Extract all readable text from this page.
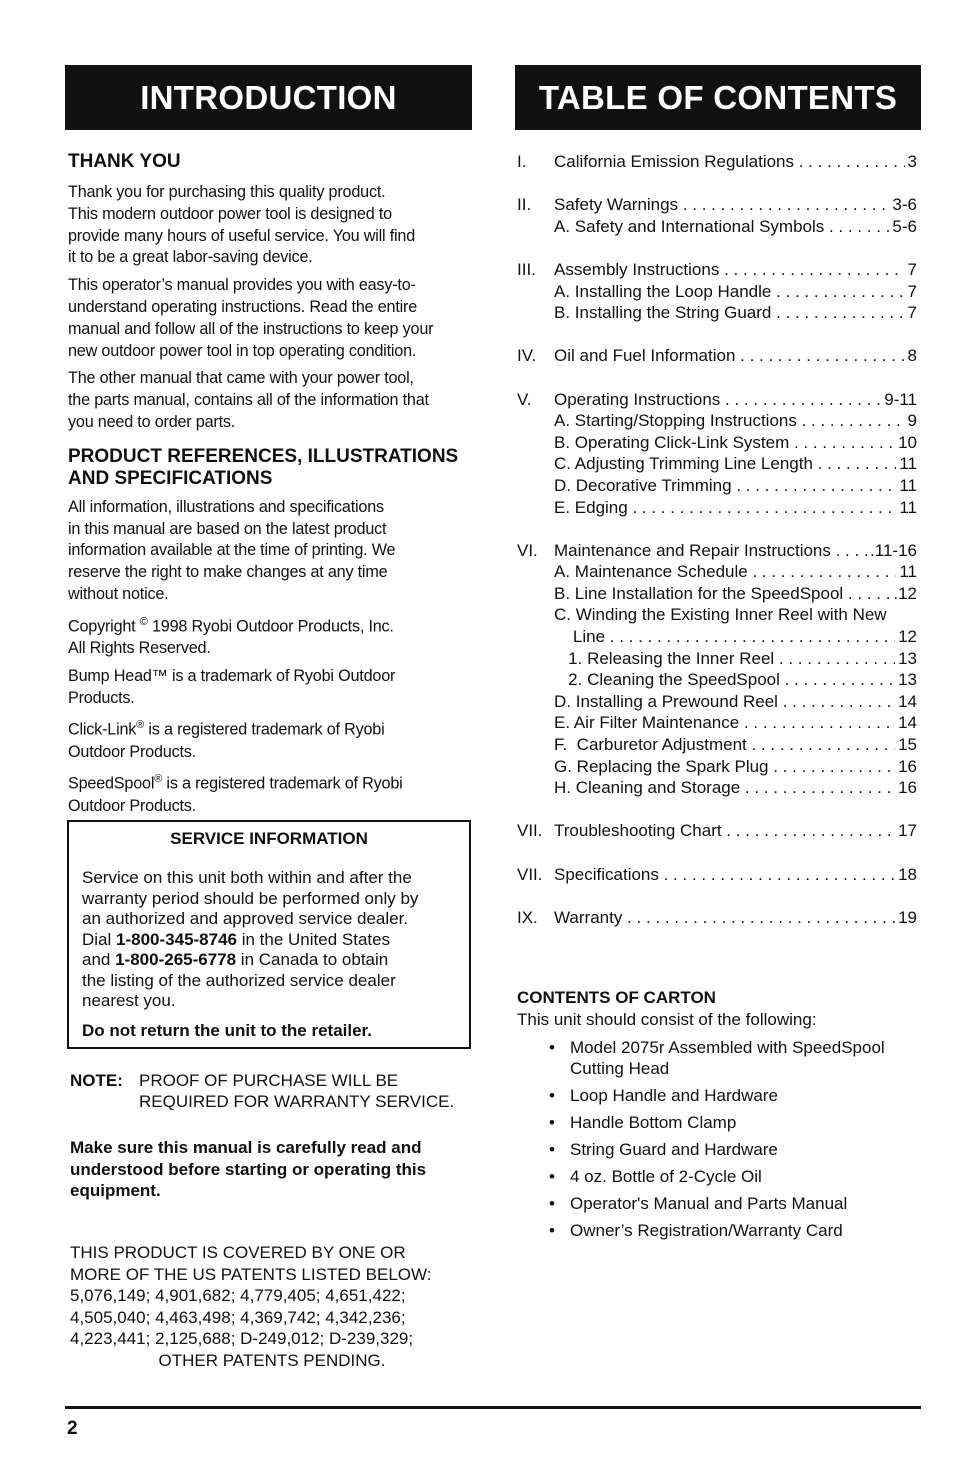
INTRODUCTION	TABLE OF CONTENTS

THANK YOU

Thank you for purchasing this quality product.
This modern outdoor power tool is designed to
provide many hours of useful service. You will find
it to be a great labor-saving device.

This operator’s manual provides you with easy-to-
understand operating instructions. Read the entire
manual and follow all of the instructions to keep your
new outdoor power tool in top operating condition.

The other manual that came with your power tool,
the parts manual, contains all of the information that
you need to order parts.

PRODUCT REFERENCES, ILLUSTRATIONS
AND SPECIFICATIONS

All information, illustrations and specifications
in this manual are based on the latest product
information available at the time of printing. We
reserve the right to make changes at any time
without notice.

Copyright © 1998 Ryobi Outdoor Products, Inc.
All Rights Reserved.

Bump Head™ is a trademark of Ryobi Outdoor
Products.

Click-Link® is a registered trademark of Ryobi
Outdoor Products.

SpeedSpool® is a registered trademark of Ryobi
Outdoor Products.

SERVICE INFORMATION

Service on this unit both within and after the
warranty period should be performed only by
an authorized and approved service dealer.
Dial 1-800-345-8746 in the United States
and 1-800-265-6778 in Canada to obtain
the listing of the authorized service dealer
nearest you.

Do not return the unit to the retailer.

NOTE: PROOF OF PURCHASE WILL BE
REQUIRED FOR WARRANTY SERVICE.
Make sure this manual is carefully read and
understood before starting or operating this
equipment.
THIS PRODUCT IS COVERED BY ONE OR
MORE OF THE US PATENTS LISTED BELOW:
5,076,149; 4,901,682; 4,779,405; 4,651,422;
4,505,040; 4,463,498; 4,369,742; 4,342,236;
4,223,441; 2,125,688; D-249,012; D-239,329;

OTHER PATENTS PENDING.
I.	California Emission Regulations . . .	3
II.	Safety Warnings . . .	3-6
A. Safety and International Symbols . . .	5-6
III.	Assembly Instructions . . .	7
A. Installing the Loop Handle . . .	7
B. Installing the String Guard . . .	7
IV.	Oil and Fuel Information . . .	8
V.	Operating Instructions . . .	9-11
A. Starting/Stopping Instructions . . .	9
B. Operating Click-Link System . . .	10
C. Adjusting Trimming Line Length . . .	11
D. Decorative Trimming . . .	11
E. Edging . . .	11
VI. Maintenance and Repair Instructions . . .	.11-16
A. Maintenance Schedule . . .	11
B. Line Installation for the SpeedSpool . . .	.12
C. Winding the Existing Inner Reel with New
Line . . .	12
1. Releasing the Inner Reel . . .	13
2. Cleaning the SpeedSpool . . .	13
D. Installing a Prewound Reel . . .	14
E. Air Filter Maintenance . . .	14
F.  Carburetor Adjustment . . .	15
G. Replacing the Spark Plug . . .	16
H. Cleaning and Storage . . .	16
VII. Troubleshooting Chart . . .	17
VII. Specifications . . .	18
IX. Warranty . . .	19

CONTENTS OF CARTON

This unit should consist of the following:

• Model 2075r Assembled with SpeedSpool Cutting Head
• Loop Handle and Hardware
• Handle Bottom Clamp
• String Guard and Hardware
• 4 oz. Bottle of 2-Cycle Oil
• Operator's Manual and Parts Manual
• Owner’s Registration/Warranty Card
2
